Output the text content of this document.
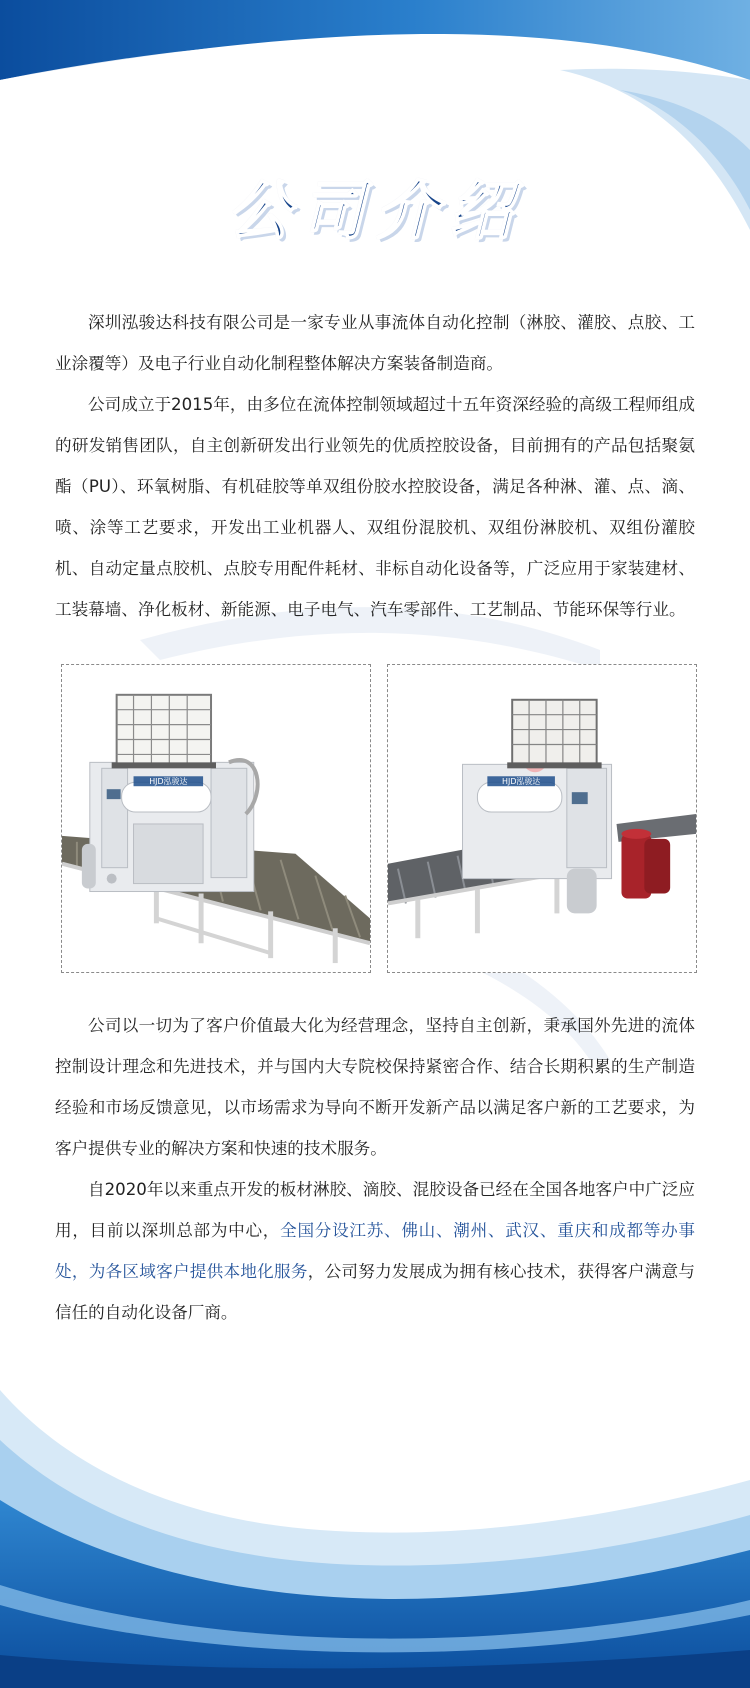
公司介绍

深圳泓骏达科技有限公司是一家专业从事流体自动化控制（淋胶、灌胶、点胶、工业涂覆等）及电子行业自动化制程整体解决方案装备制造商。

公司成立于2015年，由多位在流体控制领域超过十五年资深经验的高级工程师组成的研发销售团队，自主创新研发出行业领先的优质控胶设备，目前拥有的产品包括聚氨酯（PU）、环氧树脂、有机硅胶等单双组份胶水控胶设备，满足各种淋、灌、点、滴、喷、涂等工艺要求，开发出工业机器人、双组份混胶机、双组份淋胶机、双组份灌胶机、自动定量点胶机、点胶专用配件耗材、非标自动化设备等，广泛应用于家装建材、工装幕墙、净化板材、新能源、电子电气、汽车零部件、工艺制品、节能环保等行业。

HJD泓骏达	HJD泓骏达

公司以一切为了客户价值最大化为经营理念，坚持自主创新，秉承国外先进的流体控制设计理念和先进技术，并与国内大专院校保持紧密合作、结合长期积累的生产制造经验和市场反馈意见，以市场需求为导向不断开发新产品以满足客户新的工艺要求，为客户提供专业的解决方案和快速的技术服务。

自2020年以来重点开发的板材淋胶、滴胶、混胶设备已经在全国各地客户中广泛应用，目前以深圳总部为中心，全国分设江苏、佛山、潮州、武汉、重庆和成都等办事处，为各区域客户提供本地化服务，公司努力发展成为拥有核心技术，获得客户满意与信任的自动化设备厂商。
